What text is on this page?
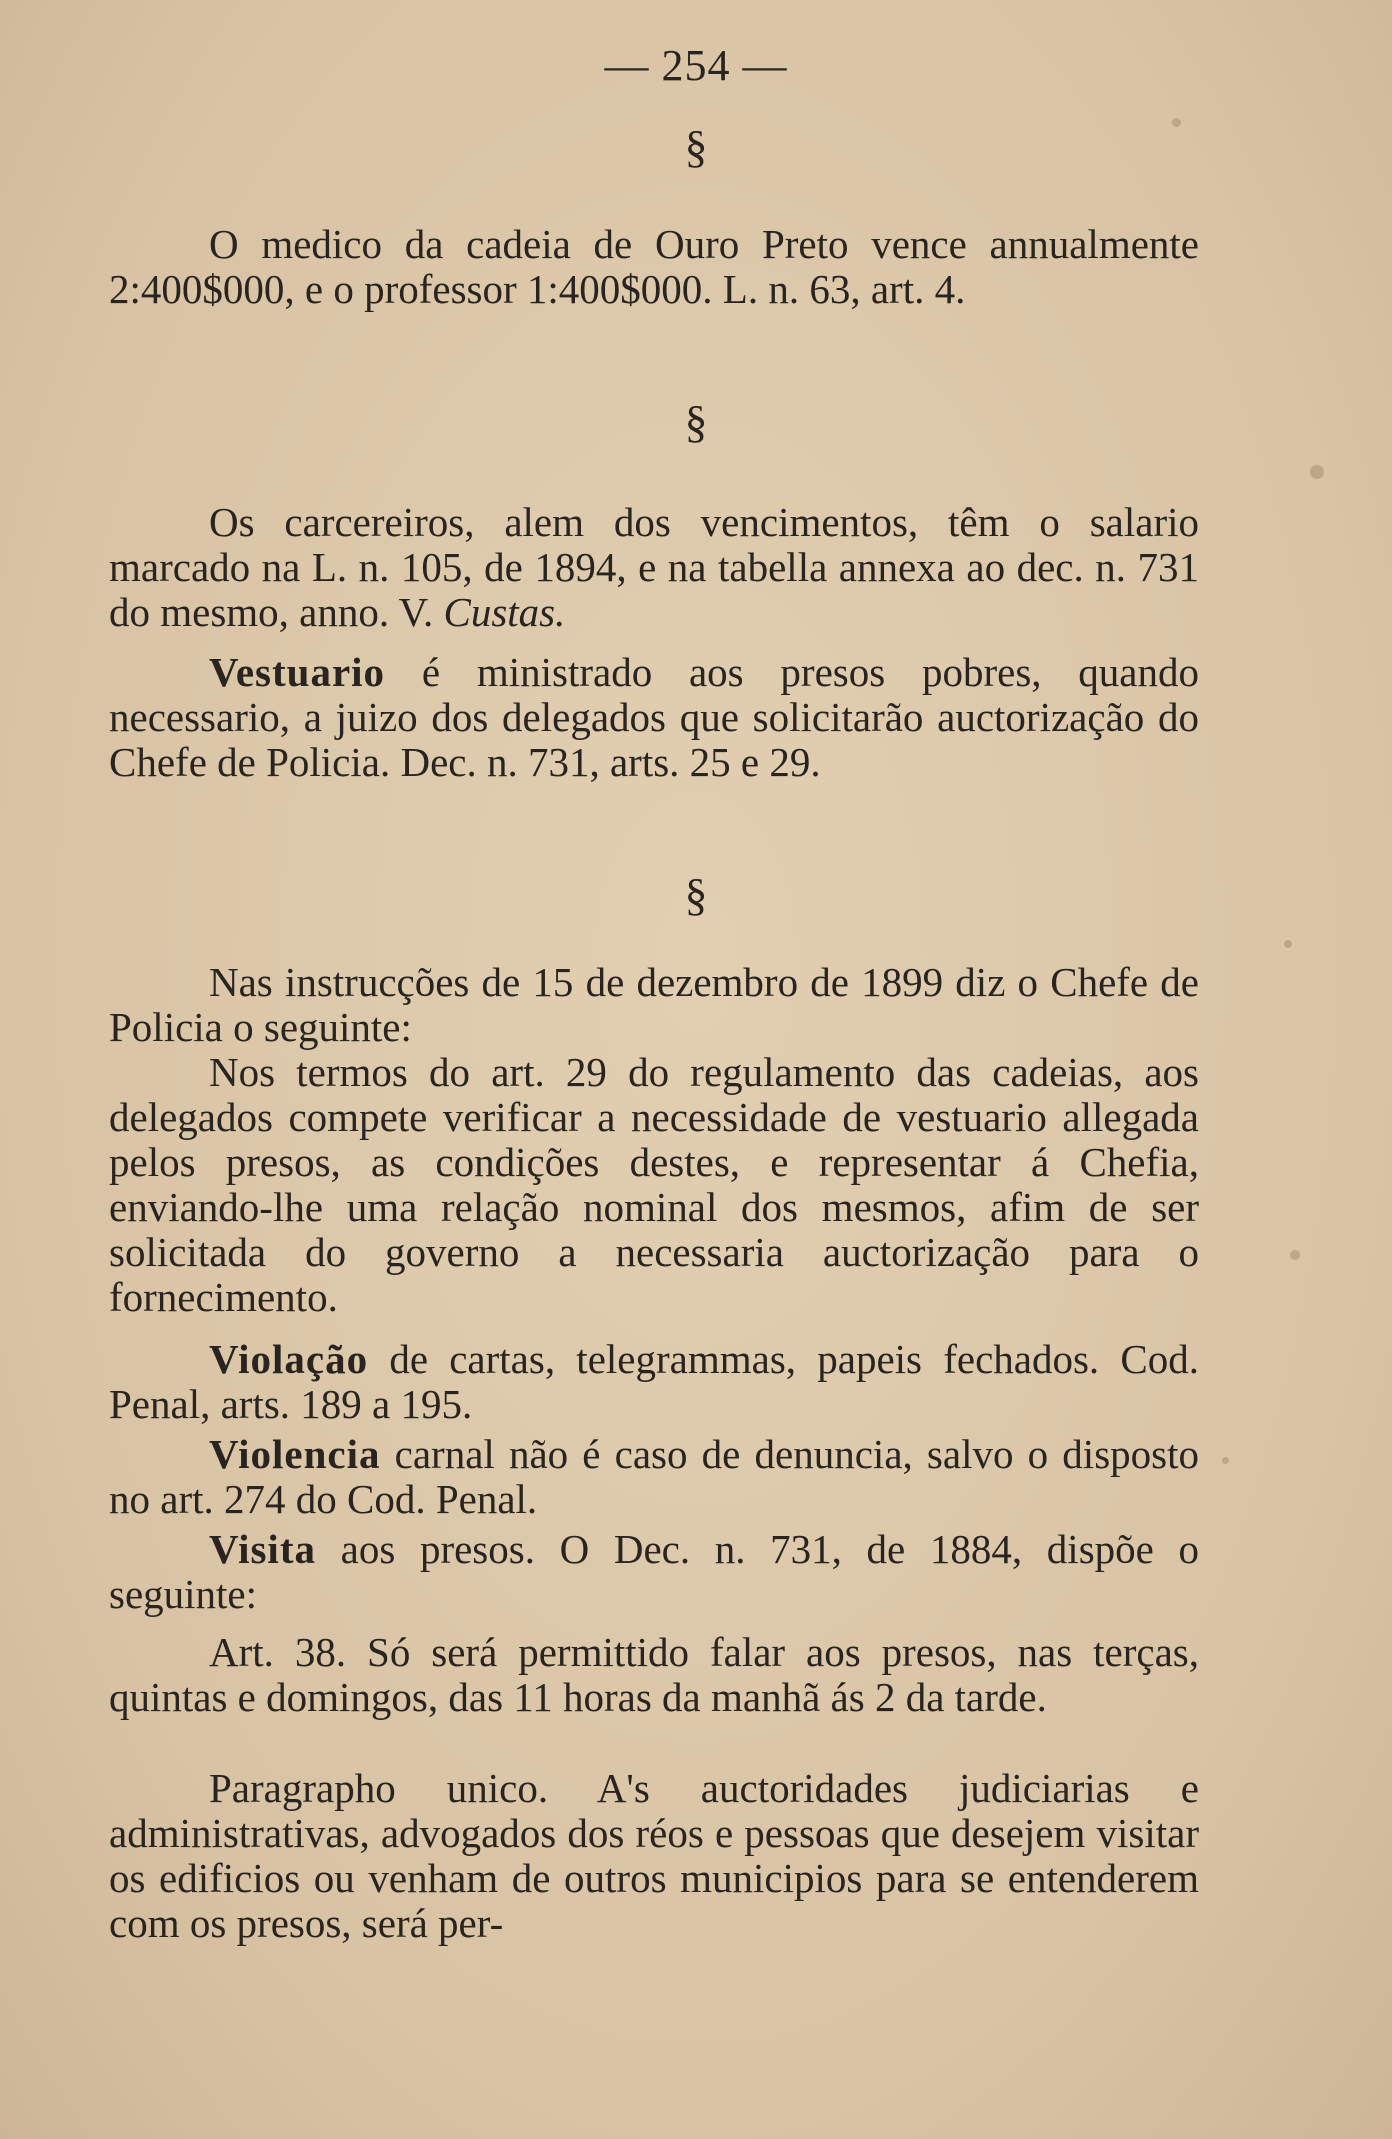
— 254 —
§
O medico da cadeia de Ouro Preto vence annualmente 2:400$000, e o professor 1:400$000. L. n. 63, art. 4.
§
Os carcereiros, alem dos vencimentos, têm o salario marcado na L. n. 105, de 1894, e na tabella annexa ao dec. n. 731 do mesmo, anno. V. Custas.
Vestuario é ministrado aos presos pobres, quando necessario, a juizo dos delegados que solicitarão auctorização do Chefe de Policia. Dec. n. 731, arts. 25 e 29.
§
Nas instrucções de 15 de dezembro de 1899 diz o Chefe de Policia o seguinte:
Nos termos do art. 29 do regulamento das cadeias, aos delegados compete verificar a necessidade de vestuario allegada pelos presos, as condições destes, e representar á Chefia, enviando-lhe uma relação nominal dos mesmos, afim de ser solicitada do governo a necessaria auctorização para o fornecimento.
Violação de cartas, telegrammas, papeis fechados. Cod. Penal, arts. 189 a 195.
Violencia carnal não é caso de denuncia, salvo o disposto no art. 274 do Cod. Penal.
Visita aos presos. O Dec. n. 731, de 1884, dispõe o seguinte:
Art. 38. Só será permittido falar aos presos, nas terças, quintas e domingos, das 11 horas da manhã ás 2 da tarde.
Paragrapho unico. A's auctoridades judiciarias e administrativas, advogados dos réos e pessoas que desejem visitar os edificios ou venham de outros municipios para se entenderem com os presos, será per-
